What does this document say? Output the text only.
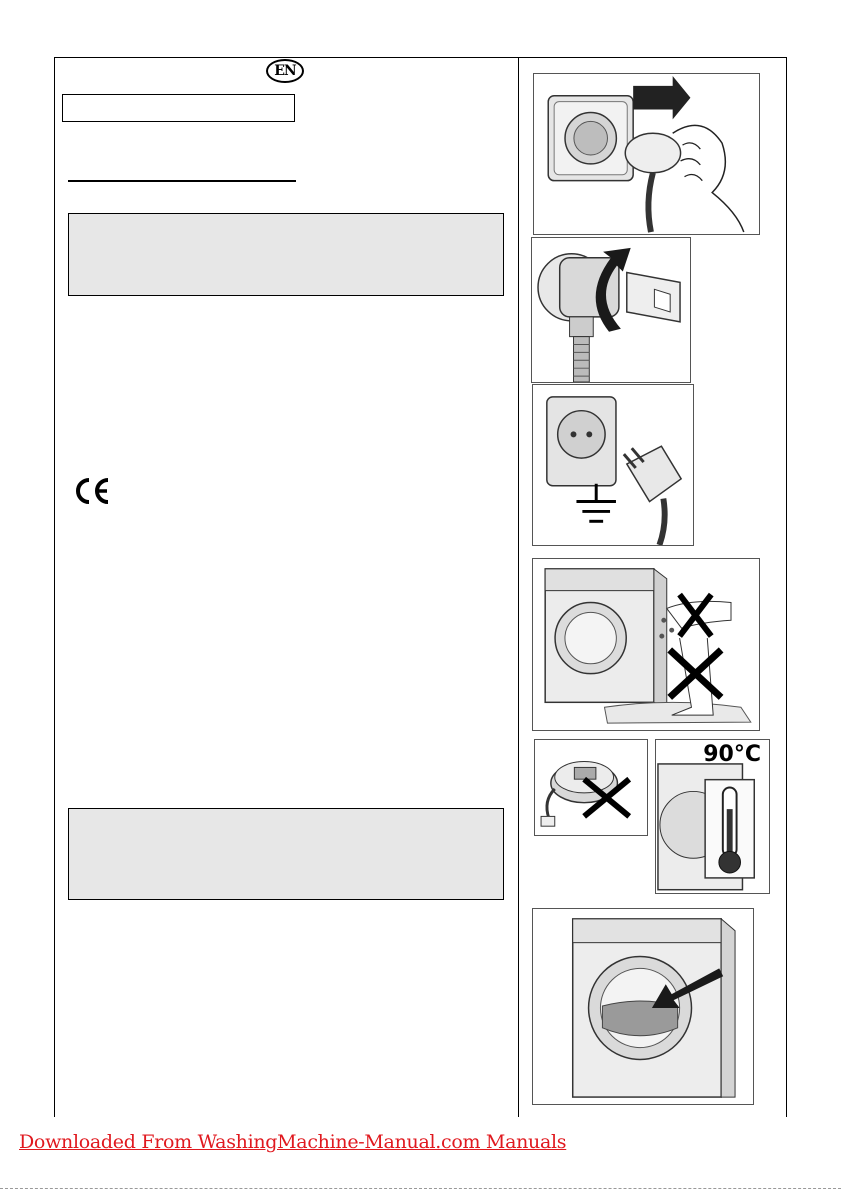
EN
90°C
Downloaded From WashingMachine-Manual.com Manuals
